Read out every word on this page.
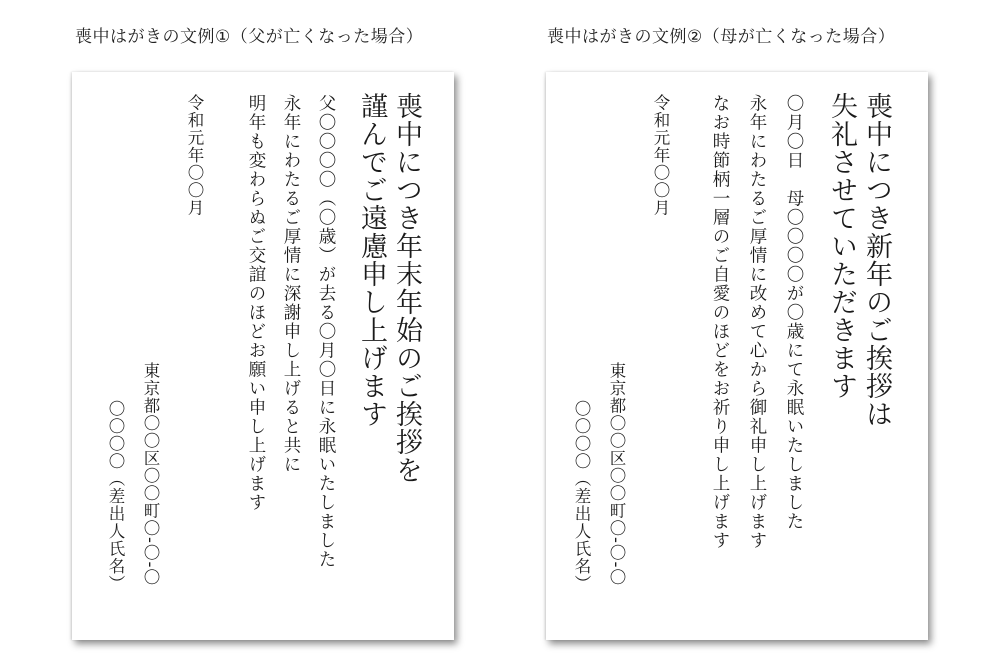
喪中はがきの文例①（父が亡くなった場合）	喪中はがきの文例②（母が亡くなった場合）
喪中につき年末年始のご挨拶を
謹んでご遠慮申し上げます
父〇〇〇〇（〇歳）が去る〇月〇日に永眠いたしました
永年にわたるご厚情に深謝申し上げると共に
明年も変わらぬご交誼のほどお願い申し上げます
令和元年〇〇月
東京都〇〇区〇〇町〇-〇-〇
〇〇〇〇（差出人氏名）
喪中につき新年のご挨拶は
失礼させていただきます
〇月〇日　母〇〇〇〇が〇歳にて永眠いたしました
永年にわたるご厚情に改めて心から御礼申し上げます
なお時節柄一層のご自愛のほどをお祈り申し上げます
令和元年〇〇月
東京都〇〇区〇〇町〇-〇-〇
〇〇〇〇（差出人氏名）
